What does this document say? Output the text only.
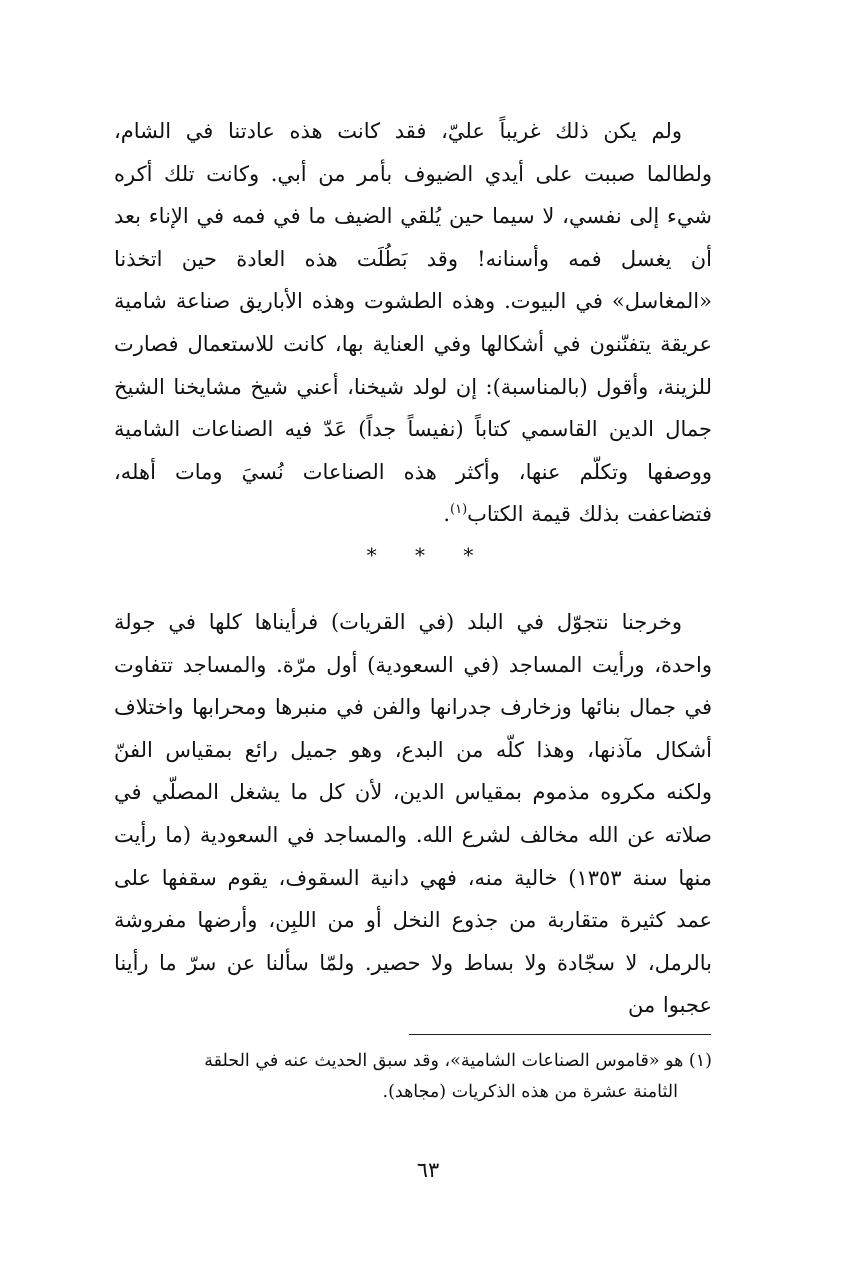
ولم يكن ذلك غريباً عليّ، فقد كانت هذه عادتنا في الشام، ولطالما صببت على أيدي الضيوف بأمر من أبي. وكانت تلك أكره شيء إلى نفسي، لا سيما حين يُلقي الضيف ما في فمه في الإناء بعد أن يغسل فمه وأسنانه! وقد بَطُلَت هذه العادة حين اتخذنا «المغاسل» في البيوت. وهذه الطشوت وهذه الأباريق صناعة شامية عريقة يتفنّنون في أشكالها وفي العناية بها، كانت للاستعمال فصارت للزينة، وأقول (بالمناسبة): إن لولد شيخنا، أعني شيخ مشايخنا الشيخ جمال الدين القاسمي كتاباً (نفيساً جداً) عَدّ فيه الصناعات الشامية ووصفها وتكلّم عنها، وأكثر هذه الصناعات نُسيَ ومات أهله، فتضاعفت بذلك قيمة الكتاب$^{(١)}$.

* * *

وخرجنا نتجوّل في البلد (في القريات) فرأيناها كلها في جولة واحدة، ورأيت المساجد (في السعودية) أول مرّة. والمساجد تتفاوت في جمال بنائها وزخارف جدرانها والفن في منبرها ومحرابها واختلاف أشكال مآذنها، وهذا كلّه من البدع، وهو جميل رائع بمقياس الفنّ ولكنه مكروه مذموم بمقياس الدين، لأن كل ما يشغل المصلّي في صلاته عن الله مخالف لشرع الله. والمساجد في السعودية (ما رأيت منها سنة ١٣٥٣) خالية منه، فهي دانية السقوف، يقوم سقفها على عمد كثيرة متقاربة من جذوع النخل أو من اللبِن، وأرضها مفروشة بالرمل، لا سجّادة ولا بساط ولا حصير. ولمّا سألنا عن سرّ ما رأينا عجبوا من

(١) هو «قاموس الصناعات الشامية»، وقد سبق الحديث عنه في الحلقة
الثامنة عشرة من هذه الذكريات (مجاهد).
٦٣
